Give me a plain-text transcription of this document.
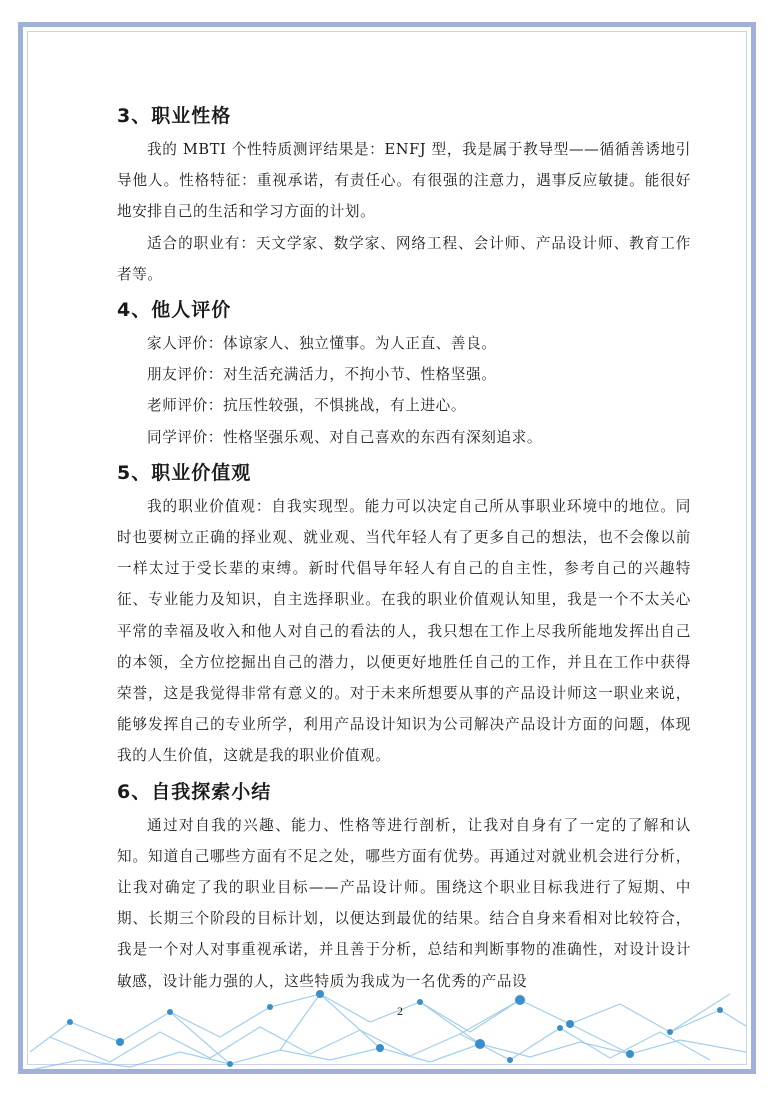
3、职业性格

我的 MBTI 个性特质测评结果是：ENFJ 型，我是属于教导型——循循善诱地引导他人。性格特征：重视承诺，有责任心。有很强的注意力，遇事反应敏捷。能很好地安排自己的生活和学习方面的计划。

适合的职业有：天文学家、数学家、网络工程、会计师、产品设计师、教育工作者等。

4、他人评价

家人评价：体谅家人、独立懂事。为人正直、善良。

朋友评价：对生活充满活力，不拘小节、性格坚强。

老师评价：抗压性较强，不惧挑战，有上进心。

同学评价：性格坚强乐观、对自己喜欢的东西有深刻追求。

5、职业价值观

我的职业价值观：自我实现型。能力可以决定自己所从事职业环境中的地位。同时也要树立正确的择业观、就业观、当代年轻人有了更多自己的想法，也不会像以前一样太过于受长辈的束缚。新时代倡导年轻人有自己的自主性，参考自己的兴趣特征、专业能力及知识，自主选择职业。在我的职业价值观认知里，我是一个不太关心平常的幸福及收入和他人对自己的看法的人，我只想在工作上尽我所能地发挥出自己的本领，全方位挖掘出自己的潜力，以便更好地胜任自己的工作，并且在工作中获得荣誉，这是我觉得非常有意义的。对于未来所想要从事的产品设计师这一职业来说，能够发挥自己的专业所学，利用产品设计知识为公司解决产品设计方面的问题，体现我的人生价值，这就是我的职业价值观。

6、自我探索小结

通过对自我的兴趣、能力、性格等进行剖析，让我对自身有了一定的了解和认知。知道自己哪些方面有不足之处，哪些方面有优势。再通过对就业机会进行分析，让我对确定了我的职业目标——产品设计师。围绕这个职业目标我进行了短期、中期、长期三个阶段的目标计划，以便达到最优的结果。结合自身来看相对比较符合，我是一个对人对事重视承诺，并且善于分析，总结和判断事物的准确性，对设计设计敏感，设计能力强的人，这些特质为我成为一名优秀的产品设

2
